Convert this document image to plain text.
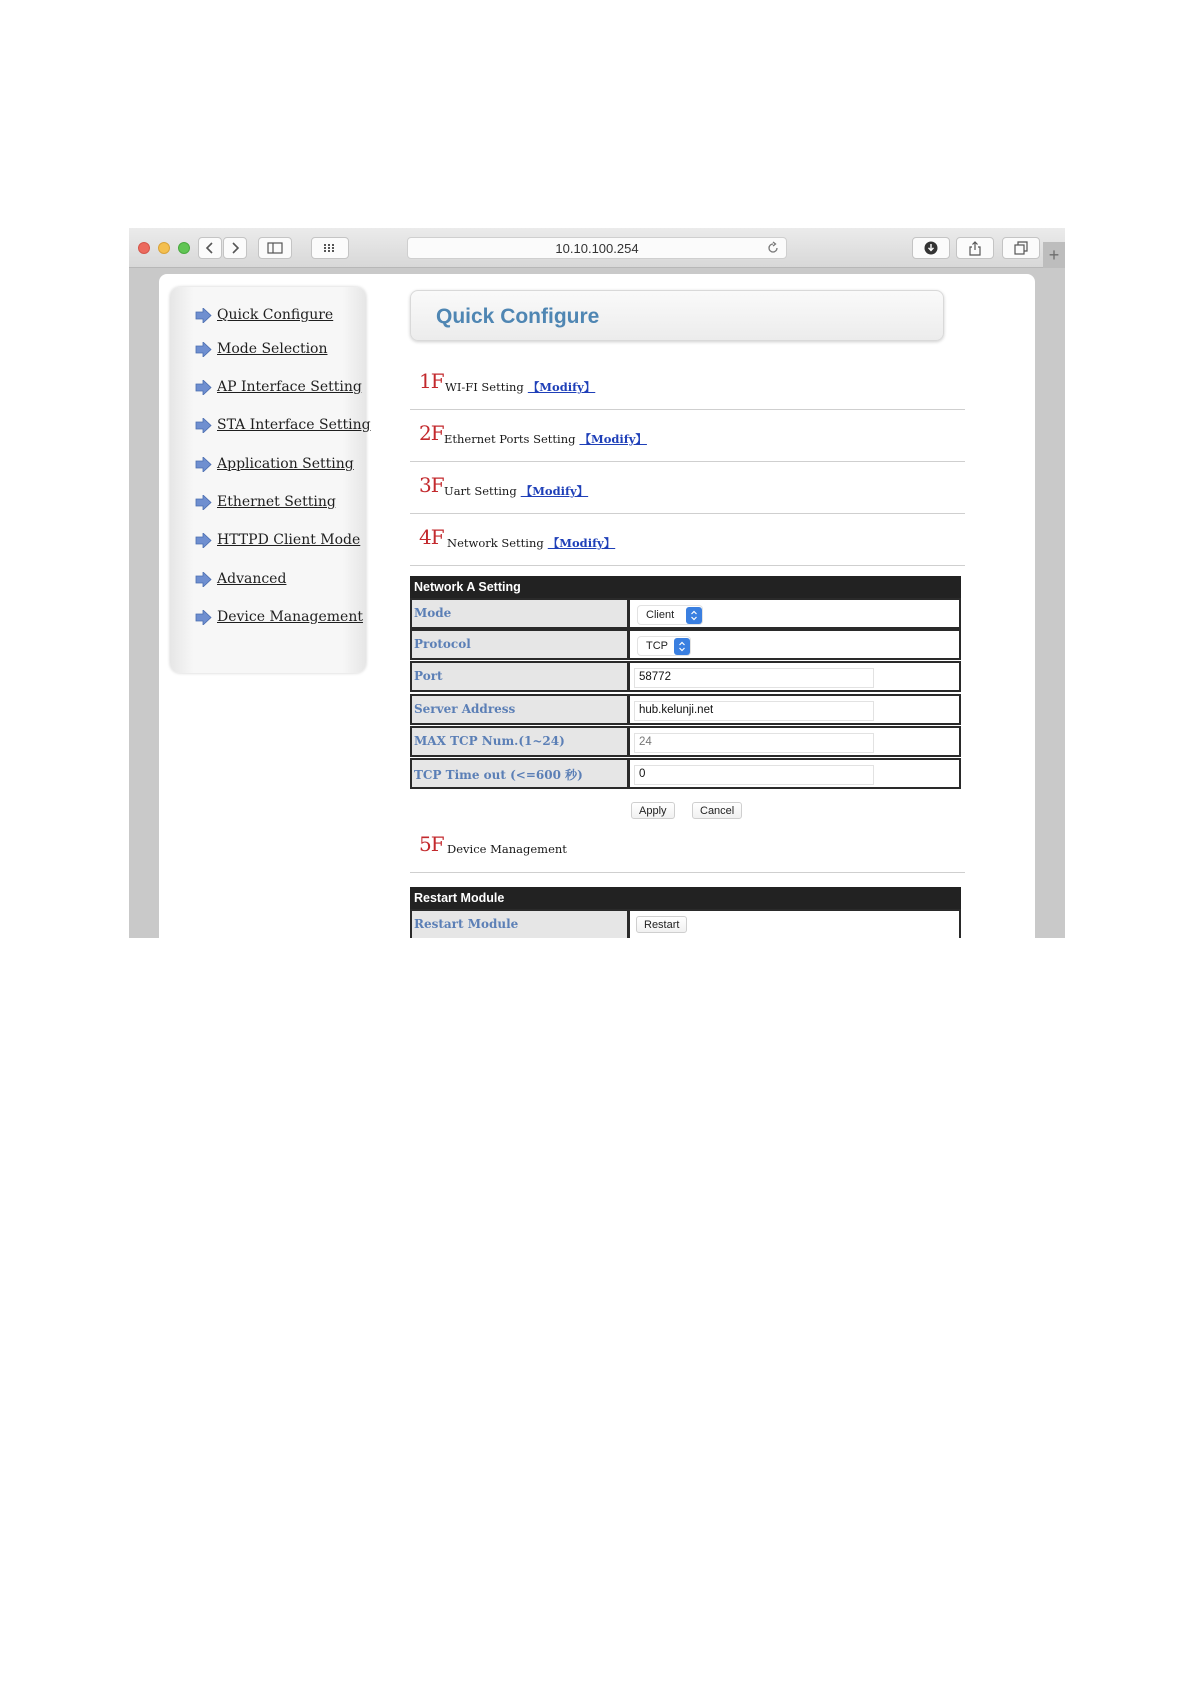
10.10.100.254	+
Quick Configure
Mode Selection
AP Interface Setting
STA Interface Setting
Application Setting
Ethernet Setting
HTTPD Client Mode
Advanced
Device Management
Quick Configure
1F WI-FI Setting 【Modify】
2F Ethernet Ports Setting 【Modify】
3F Uart Setting 【Modify】
4F Network Setting 【Modify】
Network A Setting
Mode	Client
Protocol	TCP
Port	58772
Server Address	hub.kelunji.net
MAX TCP Num.(1~24)	24
TCP Time out (<=600 秒)	0
Apply	Cancel
5F Device Management
Restart Module
Restart Module	Restart
